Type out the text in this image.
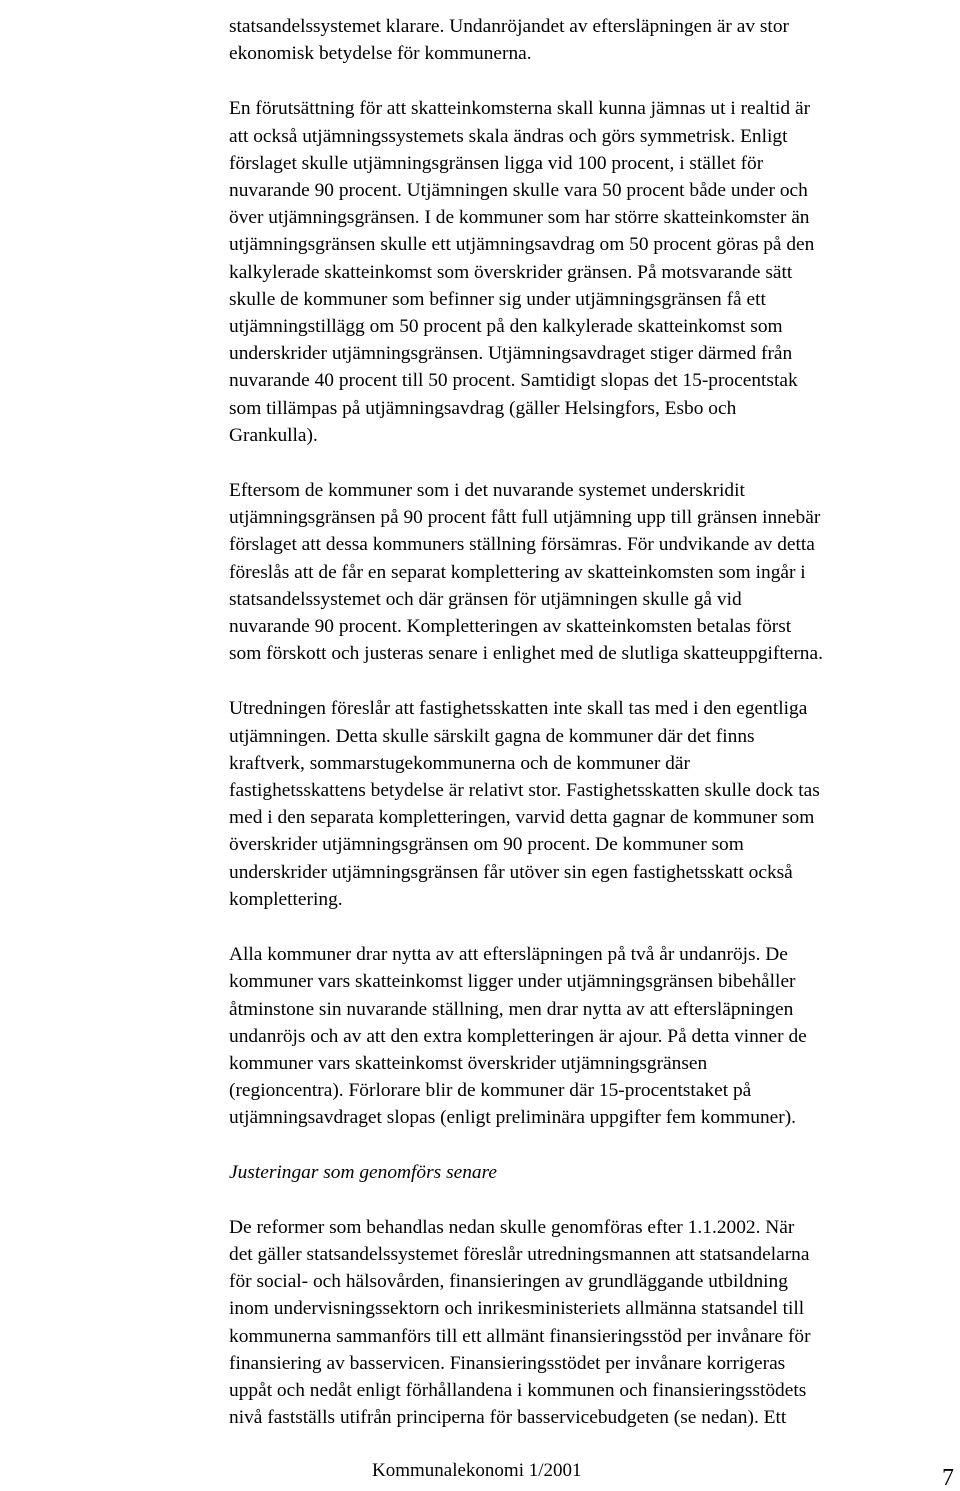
statsandelssystemet klarare. Undanröjandet av eftersläpningen är av stor
ekonomisk betydelse för kommunerna.

En förutsättning för att skatteinkomsterna skall kunna jämnas ut i realtid är
att också utjämningssystemets skala ändras och görs symmetrisk. Enligt
förslaget skulle utjämningsgränsen ligga vid 100 procent, i stället för
nuvarande 90 procent. Utjämningen skulle vara 50 procent både under och
över utjämningsgränsen. I de kommuner som har större skatteinkomster än
utjämningsgränsen skulle ett utjämningsavdrag om 50 procent göras på den
kalkylerade skatteinkomst som överskrider gränsen. På motsvarande sätt
skulle de kommuner som befinner sig under utjämningsgränsen få ett
utjämningstillägg om 50 procent på den kalkylerade skatteinkomst som
underskrider utjämningsgränsen. Utjämningsavdraget stiger därmed från
nuvarande 40 procent till 50 procent. Samtidigt slopas det 15-procentstak
som tillämpas på utjämningsavdrag (gäller Helsingfors, Esbo och
Grankulla).

Eftersom de kommuner som i det nuvarande systemet underskridit
utjämningsgränsen på 90 procent fått full utjämning upp till gränsen innebär
förslaget att dessa kommuners ställning försämras. För undvikande av detta
föreslås att de får en separat komplettering av skatteinkomsten som ingår i
statsandelssystemet och där gränsen för utjämningen skulle gå vid
nuvarande 90 procent. Kompletteringen av skatteinkomsten betalas först
som förskott och justeras senare i enlighet med de slutliga skatteuppgifterna.

Utredningen föreslår att fastighetsskatten inte skall tas med i den egentliga
utjämningen. Detta skulle särskilt gagna de kommuner där det finns
kraftverk, sommarstugekommunerna och de kommuner där
fastighetsskattens betydelse är relativt stor. Fastighetsskatten skulle dock tas
med i den separata kompletteringen, varvid detta gagnar de kommuner som
överskrider utjämningsgränsen om 90 procent. De kommuner som
underskrider utjämningsgränsen får utöver sin egen fastighetsskatt också
komplettering.

Alla kommuner drar nytta av att eftersläpningen på två år undanröjs. De
kommuner vars skatteinkomst ligger under utjämningsgränsen bibehåller
åtminstone sin nuvarande ställning, men drar nytta av att eftersläpningen
undanröjs och av att den extra kompletteringen är ajour. På detta vinner de
kommuner vars skatteinkomst överskrider utjämningsgränsen
(regioncentra). Förlorare blir de kommuner där 15-procentstaket på
utjämningsavdraget slopas (enligt preliminära uppgifter fem kommuner).

Justeringar som genomförs senare

De reformer som behandlas nedan skulle genomföras efter 1.1.2002. När
det gäller statsandelssystemet föreslår utredningsmannen att statsandelarna
för social- och hälsovården, finansieringen av grundläggande utbildning
inom undervisningssektorn och inrikesministeriets allmänna statsandel till
kommunerna sammanförs till ett allmänt finansieringsstöd per invånare för
finansiering av basservicen. Finansieringsstödet per invånare korrigeras
uppåt och nedåt enligt förhållandena i kommunen och finansieringsstödets
nivå fastställs utifrån principerna för basservicebudgeten (se nedan). Ett

Kommunalekonomi 1/2001	7
